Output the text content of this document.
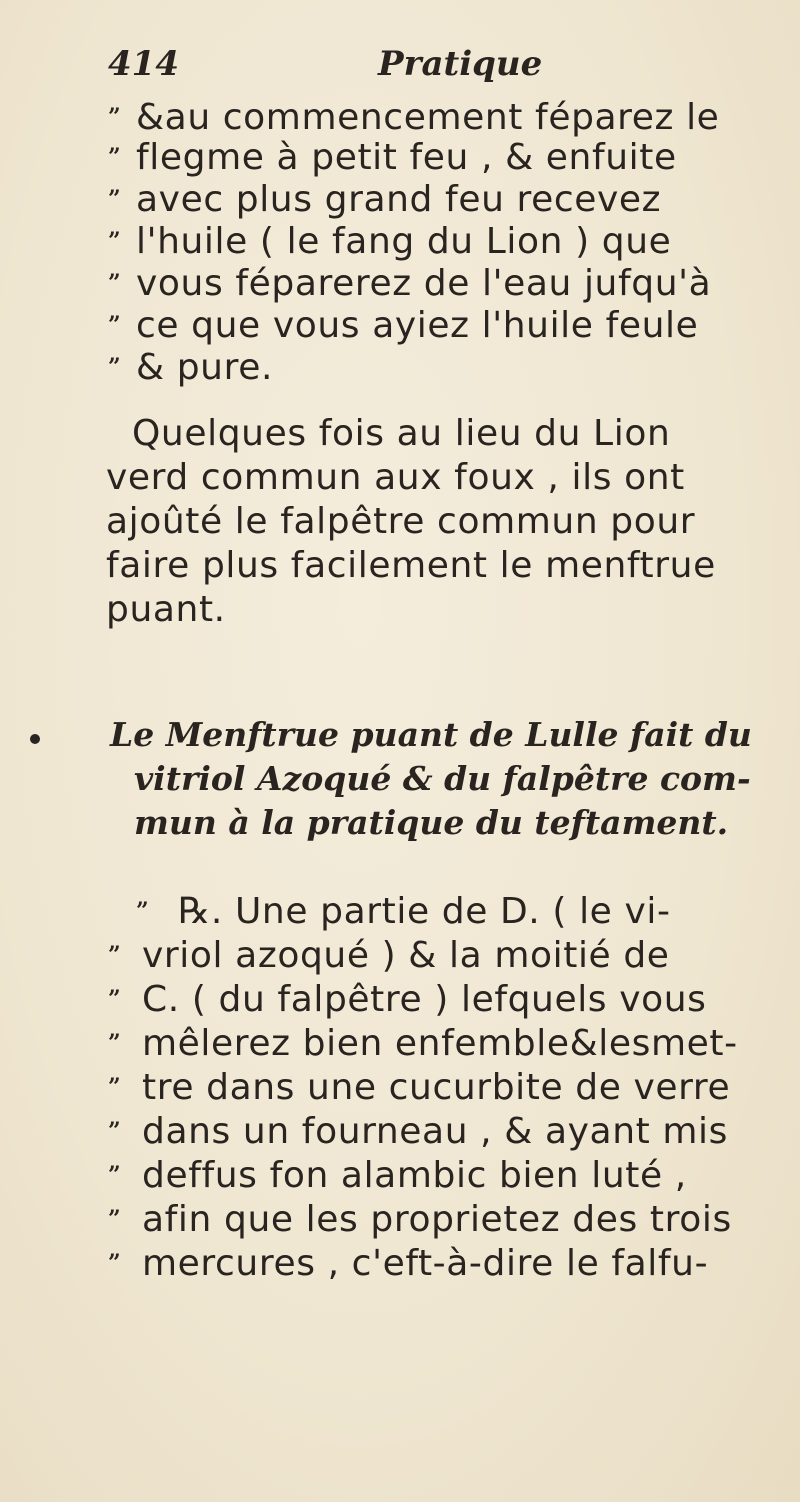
414	Pratique
” &au commencement féparez le
” flegme à petit feu , & enfuite
” avec plus grand feu recevez
” l'huile ( le fang du Lion ) que
” vous féparerez de l'eau jufqu'à
” ce que vous ayiez l'huile feule
” & pure.
Quelques fois au lieu du Lion
verd commun aux foux , ils ont
ajoûté le falpêtre commun pour
faire plus facilement le menftrue
puant.
Le Menftrue puant de Lulle fait du
vitriol Azoqué & du falpêtre com-
mun à la pratique du teftament.
” ℞. Une partie de D. ( le vi-
” vriol azoqué ) & la moitié de
” C. ( du falpêtre ) lefquels vous
” mêlerez bien enfemble&lesmet-
” tre dans une cucurbite de verre
” dans un fourneau , & ayant mis
” deffus fon alambic bien luté ,
” afin que les proprietez des trois
” mercures , c'eft-à-dire le falfu-
